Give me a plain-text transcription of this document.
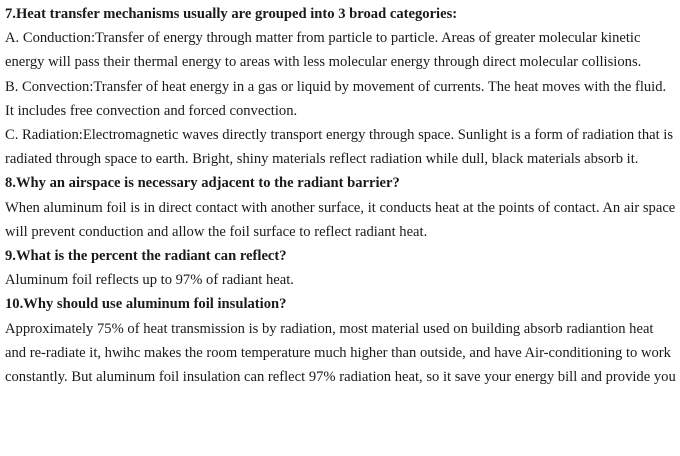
7.Heat transfer mechanisms usually are grouped into 3 broad categories:

A. Conduction:Transfer of energy through matter from particle to particle. Areas of greater molecular kinetic energy will pass their thermal energy to areas with less molecular energy through direct molecular collisions.

B. Convection:Transfer of heat energy in a gas or liquid by movement of currents. The heat moves with the fluid. It includes free convection and forced convection.

C. Radiation:Electromagnetic waves directly transport energy through space. Sunlight is a form of radiation that is radiated through space to earth. Bright, shiny materials reflect radiation while dull, black materials absorb it.

8.Why an airspace is necessary adjacent to the radiant barrier?

When aluminum foil is in direct contact with another surface, it conducts heat at the points of contact. An air space will prevent conduction and allow the foil surface to reflect radiant heat.

9.What is the percent the radiant can reflect?

Aluminum foil reflects up to 97% of radiant heat.

10.Why should use aluminum foil insulation?

Approximately 75% of heat transmission is by radiation, most material used on building absorb radiantion heat and re-radiate it, hwihc makes the room temperature much higher than outside, and have Air-conditioning to work constantly. But aluminum foil insulation can reflect 97% radiation heat, so it save your energy bill and provide you
